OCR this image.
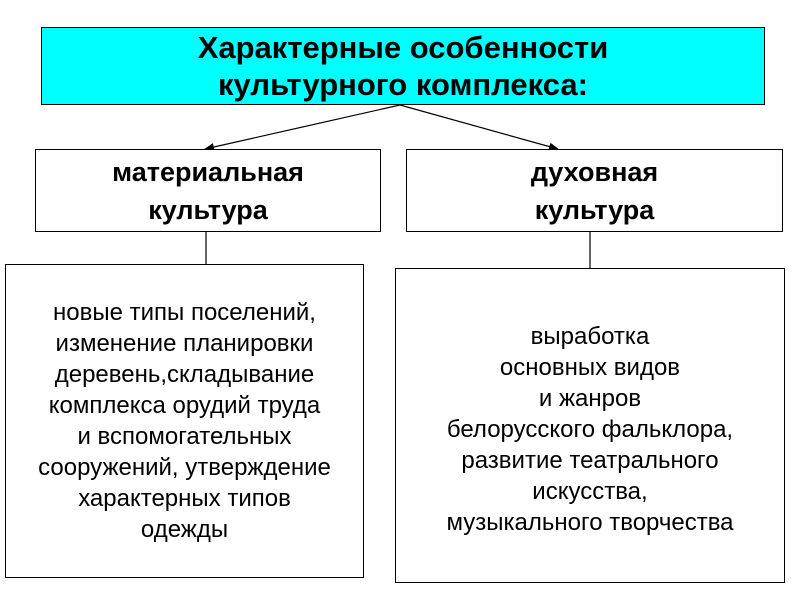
Характерные особенности
культурного комплекса:
материальная
культура
духовная
культура
новые типы поселений,
изменение планировки
деревень,складывание
комплекса орудий труда
и вспомогательных
сооружений, утверждение
характерных типов
одежды
выработка
основных видов
и жанров
белорусского фальклора,
развитие театрального
искусства,
музыкального творчества
